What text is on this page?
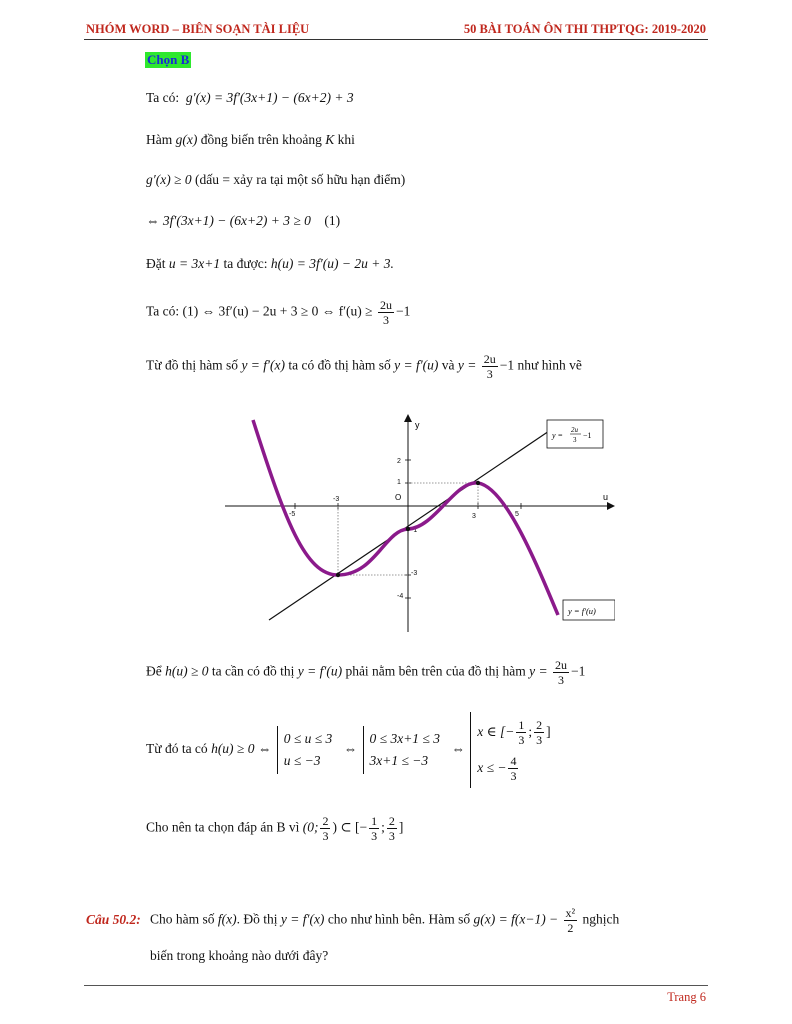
NHÓM WORD – BIÊN SOẠN TÀI LIỆU	50 BÀI TOÁN ÔN THI THPTQG: 2019-2020
Chọn B
Ta có: g′(x) = 3f′(3x+1) − (6x+2) + 3
Hàm g(x) đồng biến trên khoảng K khi
g′(x) ≥ 0 (dấu = xảy ra tại một số hữu hạn điểm)
⇔ 3f′(3x+1) − (6x+2) + 3 ≥ 0 (1)
Đặt u = 3x+1 ta được: h(u) = 3f′(u) − 2u + 3.
Ta có: (1) ⇔ 3f′(u) − 2u + 3 ≥ 0 ⇔ $f'(u) \ge \frac{2u}{3} -1$
Từ đồ thị hàm số y = f′(x) ta có đồ thị hàm số y = f′(u) và $y = \frac{2u}{3} -1$ như hình vẽ
y
u
O
-5
-3
3	5
2
1
-1
-3
-4
y =
2u
3 −1
y = f′(u)
Để h(u) ≥ 0 ta cần có đồ thị y = f′(u) phải nằm bên trên của đồ thị hàm $y = \frac{2u}{3} -1$
Từ đó ta có h(u) ≥ 0 ⇔ 0 ≤ u ≤ 3
u ≤ −3 ⇔ 0 ≤ 3x+1 ≤ 3
3x+1 ≤ −3 ⇔ x ∈ [− $\frac{1}{3}$ ; $\frac{2}{3}$ ]
x ≤ − $\frac{4}{3}$
Cho nên ta chọn đáp án B vì (0; $\frac{2}{3}$ ) ⊂ [− $\frac{1}{3}$ ; $\frac{2}{3}$ ]
Câu 50.2: Cho hàm số f(x). Đồ thị y = f′(x) cho như hình bên. Hàm số $g(x) = f(x-1) - \frac{\text{x²}}{2}$ nghịch
biến trong khoảng nào dưới đây?
Trang 6
